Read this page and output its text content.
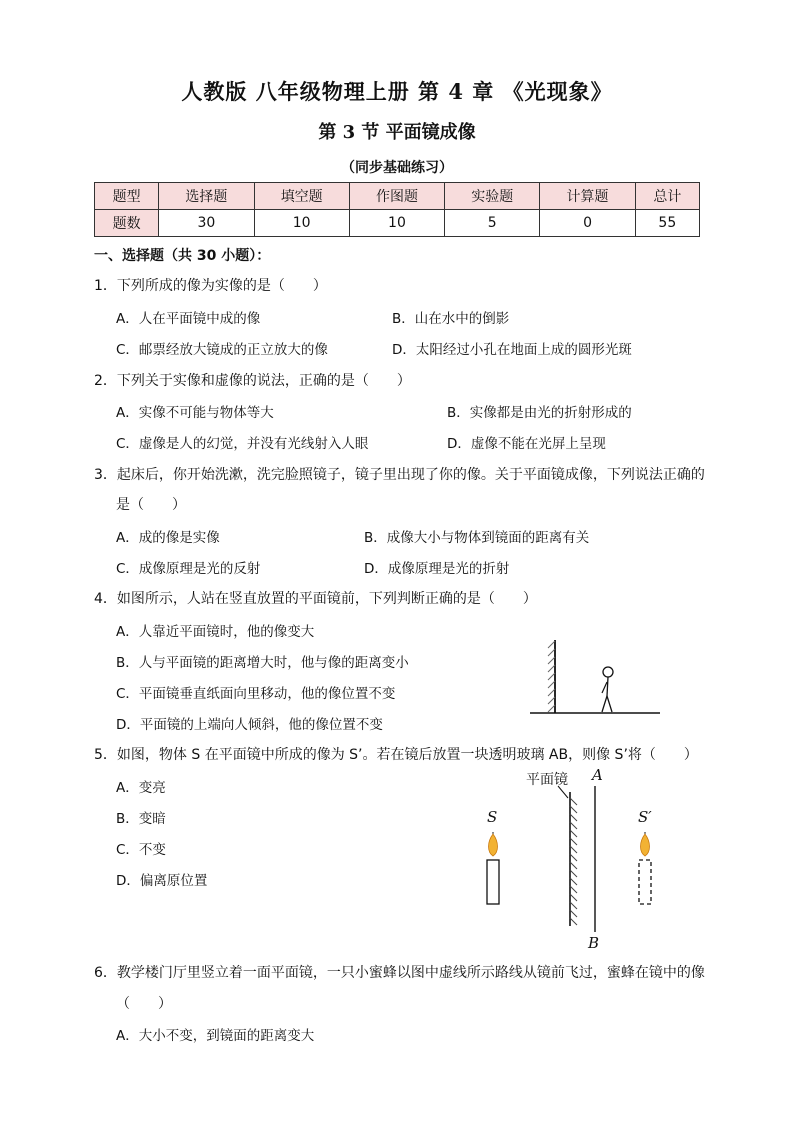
人教版 八年级物理上册 第 4 章 《光现象》
第 3 节 平面镜成像
（同步基础练习）
题型	选择题	填空题	作图题	实验题	计算题	总计
题数	30	10	10	5	0	55
一、选择题（共 30 小题）：
1．下列所成的像为实像的是（　　）
A．人在平面镜中成的像	B．山在水中的倒影
C．邮票经放大镜成的正立放大的像	D．太阳经过小孔在地面上成的圆形光斑
2．下列关于实像和虚像的说法，正确的是（　　）
A．实像不可能与物体等大	B．实像都是由光的折射形成的
C．虚像是人的幻觉，并没有光线射入人眼	D．虚像不能在光屏上呈现
3．起床后，你开始洗漱，洗完脸照镜子，镜子里出现了你的像。关于平面镜成像，下列说法正确的
是（　　）
A．成的像是实像	B．成像大小与物体到镜面的距离有关
C．成像原理是光的反射	D．成像原理是光的折射
4．如图所示，人站在竖直放置的平面镜前，下列判断正确的是（　　）
A．人靠近平面镜时，他的像变大
B．人与平面镜的距离增大时，他与像的距离变小
C．平面镜垂直纸面向里移动，他的像位置不变
D．平面镜的上端向人倾斜，他的像位置不变
5．如图，物体 S 在平面镜中所成的像为 S’。若在镜后放置一块透明玻璃 AB，则像 S’将（　　）
A．变亮
B．变暗
C．不变
D．偏离原位置
平面镜 A
B
S	S′
6．教学楼门厅里竖立着一面平面镜，一只小蜜蜂以图中虚线所示路线从镜前飞过，蜜蜂在镜中的像
（　　）
A．大小不变，到镜面的距离变大
